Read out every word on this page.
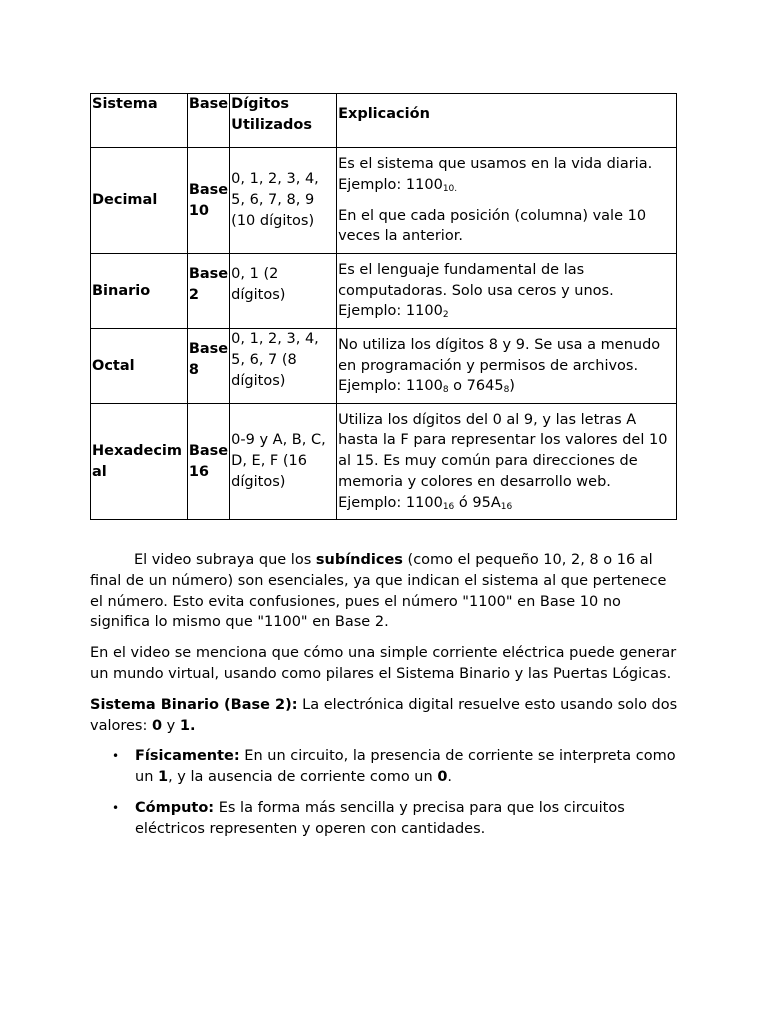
Sistema	Base	Dígitos Utilizados	Explicación
Decimal	Base 10	0, 1, 2, 3, 4, 5, 6, 7, 8, 9 (10 dígitos)	Es el sistema que usamos en la vida diaria. Ejemplo: $1100_{10.}$

En el que cada posición (columna) vale 10 veces la anterior.

Binario	Base 2	0, 1 (2 dígitos)	Es el lenguaje fundamental de las computadoras. Solo usa ceros y unos. Ejemplo: $1100_2$

Octal	Base 8	0, 1, 2, 3, 4, 5, 6, 7 (8 dígitos)	No utiliza los dígitos 8 y 9. Se usa a menudo en programación y permisos de archivos. Ejemplo: $1100_8$ o $7645_8$)

Hexadecimal	Base 16	0-9 y A, B, C, D, E, F (16 dígitos)	Utiliza los dígitos del 0 al 9, y las letras A hasta la F para representar los valores del 10 al 15. Es muy común para direcciones de memoria y colores en desarrollo web. Ejemplo: $1100_{16}$ ó $95A_{16}$

El video subraya que los subíndices (como el pequeño 10, 2, 8 o 16 al final de un número) son esenciales, ya que indican el sistema al que pertenece el número. Esto evita confusiones, pues el número "1100" en Base 10 no significa lo mismo que "1100" en Base 2.

En el video se menciona que cómo una simple corriente eléctrica puede generar un mundo virtual, usando como pilares el Sistema Binario y las Puertas Lógicas.

Sistema Binario (Base 2): La electrónica digital resuelve esto usando solo dos valores: 0 y 1.

• Físicamente: En un circuito, la presencia de corriente se interpreta como un 1, y la ausencia de corriente como un 0.
• Cómputo: Es la forma más sencilla y precisa para que los circuitos eléctricos representen y operen con cantidades.
